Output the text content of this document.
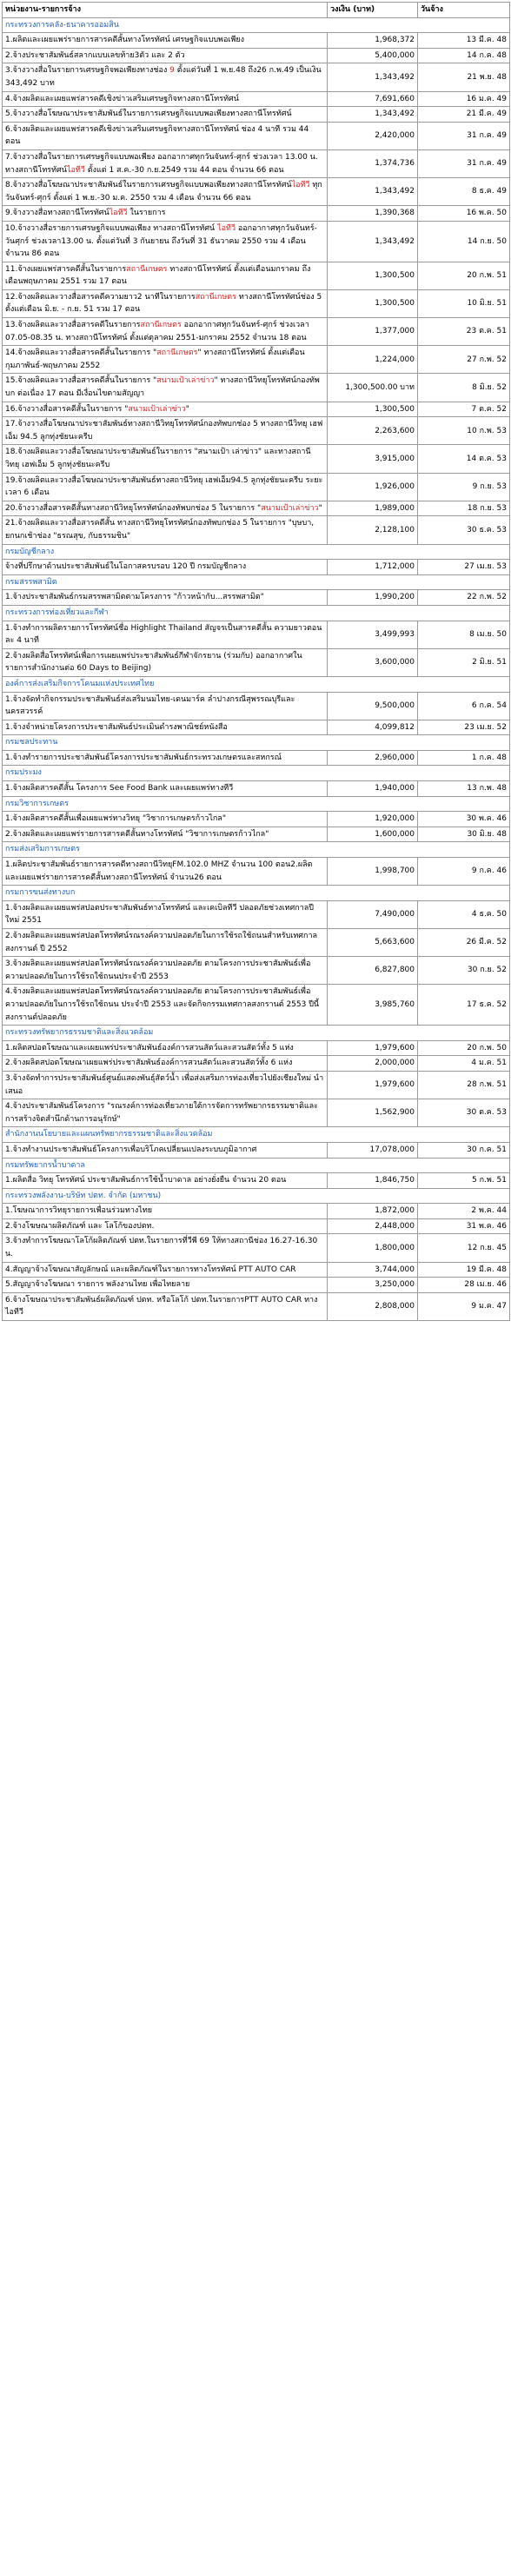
หน่วยงาน-รายการจ้าง	วงเงิน (บาท)	วันจ้าง
กระทรวงการคลัง-ธนาคารออมสิน		
1.ผลิตและเผยแพร่รายการสารคดีสั้นทางโทรทัศน์ เศรษฐกิจแบบพอเพียง	1,968,372	13 มี.ค. 48
2.จ้างประชาสัมพันธ์สลากแบบเลขท้าย3ตัว และ 2 ตัว	5,400,000	14 ก.ค. 48
3.จ้างวางสื่อในรายการเศรษฐกิจพอเพียงทางช่อง 9 ตั้งแต่วันที่ 1 พ.ย.48 ถึง26 ก.พ.49 เป็นเงิน 343,492 บาท	1,343,492	21 พ.ย. 48
4.จ้างผลิตและเผยแพร่สารคดีเชิงข่าวเสริมเศรษฐกิจทางสถานีโทรทัศน์	7,691,660	16 ม.ค. 49
5.จ้างวางสื่อโฆษณาประชาสัมพันธ์ในรายการเศรษฐกิจแบบพอเพียงทางสถานีโทรทัศน์	1,343,492	21 มี.ค. 49
6.จ้างผลิตและเผยแพร่สารคดีเชิงข่าวเสริมเศรษฐกิจทางสถานีโทรทัศน์ ช่อง 4 นาที รวม 44 ตอน	2,420,000	31 ก.ค. 49
7.จ้างวางสื่อในรายการเศรษฐกิจแบบพอเพียง ออกอากาศทุกวันจันทร์-ศุกร์ ช่วงเวลา 13.00 น. ทางสถานีโทรทัศน์ไอทีวี ตั้งแต่ 1 ส.ค.-30 ก.ย.2549 รวม 44 ตอน จำนวน 66 ตอน	1,374,736	31 ก.ค. 49
8.จ้างวางสื่อโฆษณาประชาสัมพันธ์ในรายการเศรษฐกิจแบบพอเพียงทางสถานีโทรทัศน์ไอทีวี ทุกวันจันทร์-ศุกร์ ตั้งแต่ 1 พ.ย.-30 ม.ค. 2550 รวม 4 เดือน จำนวน 66 ตอน	1,343,492	8 ธ.ค. 49
9.จ้างวางสื่อทางสถานีโทรทัศน์ไอทีวี ในรายการ	1,390,368	16 พ.ค. 50
10.จ้างวางสื่อรายการเศรษฐกิจแบบพอเพียง ทางสถานีโทรทัศน์ ไอทีวี ออกอากาศทุกวันจันทร์-วันศุกร์ ช่วงเวลา13.00 น. ตั้งแต่วันที่ 3 กันยายน ถึงวันที่ 31 ธันวาคม 2550 รวม 4 เดือน จำนวน 86 ตอน	1,343,492	14 ก.ย. 50
11.จ้างเผยแพร่สารคดีสั้นในรายการสถานีเกษตร ทางสถานีโทรทัศน์ ตั้งแต่เดือนมกราคม ถึงเดือนพฤษภาคม 2551 รวม 17 ตอน	1,300,500	20 ก.พ. 51
12.จ้างผลิตและวางสื่อสารคดีความยาว2 นาทีในรายการสถานีเกษตร ทางสถานีโทรทัศน์ช่อง 5 ตั้งแต่เดือน มิ.ย. - ก.ย. 51 รวม 17 ตอน	1,300,500	10 มิ.ย. 51
13.จ้างผลิตและวางสื่อสารคดีในรายการสถานีเกษตร ออกอากาศทุกวันจันทร์-ศุกร์ ช่วงเวลา 07.05-08.35 น. ทางสถานีโทรทัศน์ ตั้งแต่ตุลาคม 2551-มกราคม 2552 จำนวน 18 ตอน	1,377,000	23 ต.ค. 51
14.จ้างผลิตและวางสื่อสารคดีสั้นในรายการ "สถานีเกษตร" ทางสถานีโทรทัศน์ ตั้งแต่เดือนกุมภาพันธ์-พฤษภาคม 2552	1,224,000	27 ก.พ. 52
15.จ้างผลิตและวางสื่อสารคดีสั้นในรายการ "สนามเป้าเล่าข่าว" ทางสถานีวิทยุโทรทัศน์กองทัพบก ต่อเนื่อง 17 ตอน มีเงื่อนไขตามสัญญา	1,300,500.00 บาท	8 มิ.ย. 52
16.จ้างวางสื่อสารคดีสั้นในรายการ "สนามเป้าเล่าข่าว"	1,300,500	7 ต.ค. 52
17.จ้างวางสื่อโฆษณาประชาสัมพันธ์ทางสถานีวิทยุโทรทัศน์กองทัพบกช่อง 5 ทางสถานีวิทยุ เฮฟเอ็ม 94.5 ลูกทุ่งชัยนะครีบ	2,263,600	10 ก.พ. 53
18.จ้างผลิตและวางสื่อโฆษณาประชาสัมพันธ์ในรายการ "สนามเป้า เล่าข่าว" และทางสถานีวิทยุ เฮฟเอ็ม 5 ลูกทุ่งชัยนะครีบ	3,915,000	14 ต.ค. 53
19.จ้างผลิตและวางสื่อโฆษณาประชาสัมพันธ์ทางสถานีวิทยุ เฮฟเอ็ม94.5 ลูกทุ่งชัยนะครีบ ระยะเวลา 6 เดือน	1,926,000	9 ก.ย. 53
20.จ้างวางสื่อสารคดีสั้นทางสถานีวิทยุโทรทัศน์กองทัพบกช่อง 5 ในรายการ "สนามเป้าเล่าข่าว"	1,989,000	18 ก.ย. 53
21.จ้างผลิตและวางสื่อสารคดีสั้น ทางสถานีวิทยุโทรทัศน์กองทัพบกช่อง 5 ในรายการ "บุษบา, ยกนกเช้าช่อง "ธรณสุข, กับธรรมชิน"	2,128,100	30 ธ.ค. 53
กรมบัญชีกลาง		
จ้างที่ปรึกษาด้านประชาสัมพันธ์ในโอกาสครบรอบ 120 ปี กรมบัญชีกลาง	1,712,000	27 เม.ย. 53
กรมสรรพสามิต		
1.จ้างประชาสัมพันธ์กรมสรรพสามิตตามโครงการ "ก้าวหน้ากับ...สรรพสามิต"	1,990,200	22 ก.พ. 52
กระทรวงการท่องเที่ยวและกีฬา		
1.จ้างทำการผลิตรายการโทรทัศน์ชื่อ Highlight Thailand สัญจรเป็นสารคดีสั้น ความยาวตอนละ 4 นาที	3,499,993	8 เม.ย. 50
2.จ้างผลิตสื่อโทรทัศน์เพื่อการเผยแพร่ประชาสัมพันธ์กีฬาจักรยาน (ร่วมกับ) ออกอากาศในรายการสำนักงานต่อ 60 Days to Beijing)	3,600,000	2 มิ.ย. 51
องค์การส่งเสริมกิจการโคนมแห่งประเทศไทย		
1.จ้างจัดทำกิจกรรมประชาสัมพันธ์ส่งเสริมนมไทย-เดนมาร์ค ลำปางกรณีสุพรรณบุรีและนครสวรรค์	9,500,000	6 ก.ค. 54
1.จ้างจำหน่ายโครงการประชาสัมพันธ์ประเมินดำรงพาณิชย์หนังสือ	4,099,812	23 เม.ย. 52
กรมชลประทาน		
1.จ้างทำรายการประชาสัมพันธ์โครงการประชาสัมพันธ์กระทรวงเกษตรและสหกรณ์	2,960,000	1 ก.ค. 48
กรมประมง		
1.จ้างผลิตสารคดีสั้น โครงการ See Food Bank และเผยแพร่ทางทีวี	1,940,000	13 ก.พ. 48
กรมวิชาการเกษตร		
1.จ้างผลิตสารคดีสั้นเพื่อเผยแพร่ทางวิทยุ "วิชาการเกษตรก้าวไกล"	1,920,000	30 พ.ค. 46
2.จ้างผลิตและเผยแพร่รายการสารคดีสั้นทางโทรทัศน์ "วิชาการเกษตรก้าวไกล"	1,600,000	30 มิ.ย. 48
กรมส่งเสริมการเกษตร		
1.ผลิตประชาสัมพันธ์รายการสารคดีทางสถานีวิทยุFM.102.0 MHZ จำนวน 100 ตอน2.ผลิตและเผยแพร่รายการสารคดีสั้นทางสถานีโทรทัศน์ จำนวน26 ตอน	1,998,700	9 ก.ค. 46
กรมการขนส่งทางบก		
1.จ้างผลิตและเผยแพร่สปอตประชาสัมพันธ์ทางโทรทัศน์ และเคเบิลทีวี ปลอดภัยช่วงเทศกาลปีใหม่ 2551	7,490,000	4 ธ.ค. 50
2.จ้างผลิตและเผยแพร่สปอตโทรทัศน์รณรงค์ความปลอดภัยในการใช้รถใช้ถนนสำหรับเทศกาลสงกรานต์ ปี 2552	5,663,600	26 มี.ค. 52
3.จ้างผลิตและเผยแพร่สปอตโทรทัศน์รณรงค์ความปลอดภัย ตามโครงการประชาสัมพันธ์เพื่อความปลอดภัยในการใช้รถใช้ถนนประจำปี 2553	6,827,800	30 ก.ย. 52
4.จ้างผลิตและเผยแพร่สปอตโทรทัศน์รณรงค์ความปลอดภัย ตามโครงการประชาสัมพันธ์เพื่อความปลอดภัยในการใช้รถใช้ถนน ประจำปี 2553 และจัดกิจกรรมเทศกาลสงกรานต์ 2553 ปีนี้สงกรานต์ปลอดภัย	3,985,760	17 ธ.ค. 52
กระทรวงทรัพยากรธรรมชาติและสิ่งแวดล้อม		
1.ผลิตสปอตโฆษณาและเผยแพร่ประชาสัมพันธ์องค์การสวนสัตว์และสวนสัตว์ทั้ง 5 แห่ง	1,979,600	20 ก.พ. 50
2.จ้างผลิตสปอตโฆษณาเผยแพร่ประชาสัมพันธ์องค์การสวนสัตว์และสวนสัตว์ทั้ง 6 แห่ง	2,000,000	4 ม.ค. 51
3.จ้างจัดทำการประชาสัมพันธ์ศูนย์แสดงพันธุ์สัตว์น้ำ เพื่อส่งเสริมการท่องเที่ยวไปยังเชียงใหม่ นำเสนอ	1,979,600	28 ก.พ. 51
4.จ้างประชาสัมพันธ์โครงการ "รณรงค์การท่องเที่ยวภายใต้การจัดการทรัพยากรธรรมชาติและการสร้างจิตสำนึกด้านการอนุรักษ์"	1,562,900	30 ต.ค. 53
สำนักงานนโยบายและแผนทรัพยากรธรรมชาติและสิ่งแวดล้อม		
1.จ้างทำงานประชาสัมพันธ์โครงการเพื่อบริโภคเปลี่ยนแปลงระบบภูมิอากาศ	17,078,000	30 ก.ค. 51
กรมทรัพยากรน้ำบาดาล		
1.ผลิตสื่อ วิทยุ โทรทัศน์ ประชาสัมพันธ์การใช้น้ำบาดาล อย่างยั่งยืน จำนวน 20 ตอน	1,846,750	5 ก.พ. 51
กระทรวงพลังงาน-บริษัท ปตท. จำกัด (มหาชน)		
1.โฆษณาการวิทยุรายการเพื่อนร่วมทางไทย	1,872,000	2 พ.ค. 44
2.จ้างโฆษณาผลิตภัณฑ์ และ โลโก้ของปตท.	2,448,000	31 พ.ค. 46
3.จ้างทำการโฆษณาโลโก้ผลิตภัณฑ์ ปตท.ในรายการที่วีพี 69 ให้ทางสถานีช่อง 16.27-16.30 น.	1,800,000	12 ก.ย. 45
4.สัญญาจ้างโฆษณาสัญลักษณ์ และผลิตภัณฑ์ในรายการทางโทรทัศน์ PTT AUTO CAR	3,744,000	19 มี.ค. 48
5.สัญญาจ้างโฆษณา รายการ พลังงานไทย เพื่อไทยลาย	3,250,000	28 เม.ย. 46
6.จ้างโฆษณาประชาสัมพันธ์ผลิตภัณฑ์ ปตท. หรือโลโก้ ปตท.ในรายการPTT AUTO CAR ทาง ไอทีวี	2,808,000	9 ม.ค. 47
